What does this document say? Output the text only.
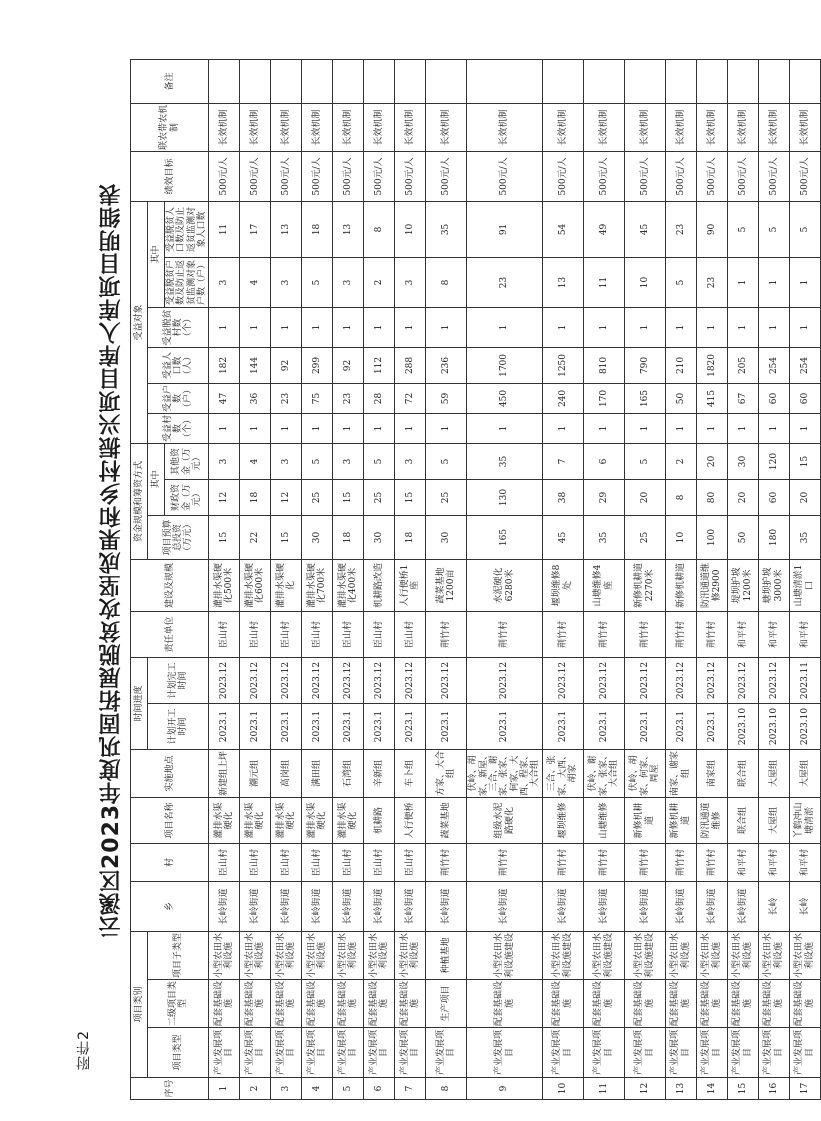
附件2
云溪区2023年度巩固拓展脱贫攻坚成果和乡村振兴项目库入库项目明细表
序号	项目类别			乡	村	项目名称	实施地点	时间进度		责任单位	建设及规模	资金规模和筹资方式			受益对象						绩效目标	联农带农机制	备注
	项目类型	二级项目类型	项目子类型					计划开工时间	计划完工时间			项目预算总投资（万元）	其中		受益村数（个）	受益户数（户）	受益人口数（人）	受益脱贫村数（个）	其中				
													财政资金（万元）	其他资金（万元）					受益脱贫户数及防止返贫监测对象户数（户）	受益脱贫人口数及防止返贫监测对象人口数			
1	产业发展项目	配套基础设施	小型农田水利设施	长岭街道	臣山村	灌排水渠硬化	新建组上坪	2023.1	2023.12	臣山村	灌排水渠硬化500米	15	12	3	1	47	182	1	3	11	500元/人	长效机制	
2	产业发展项目	配套基础设施	小型农田水利设施	长岭街道	臣山村	灌排水渠硬化	潮元组	2023.1	2023.12	臣山村	灌排水渠硬化600米	22	18	4	1	36	144	1	4	17	500元/人	长效机制	
3	产业发展项目	配套基础设施	小型农田水利设施	长岭街道	臣山村	灌排水渠硬化	高岗组	2023.1	2023.12	臣山村	灌排水渠硬化	15	12	3	1	23	92	1	3	13	500元/人	长效机制	
4	产业发展项目	配套基础设施	小型农田水利设施	长岭街道	臣山村	灌排水渠硬化	满田组	2023.1	2023.12	臣山村	灌排水渠硬化700米	30	25	5	1	75	299	1	5	18	500元/人	长效机制	
5	产业发展项目	配套基础设施	小型农田水利设施	长岭街道	臣山村	灌排水渠硬化	石湾组	2023.1	2023.12	臣山村	灌排水渠硬化400米	18	15	3	1	23	92	1	3	13	500元/人	长效机制	
6	产业发展项目	配套基础设施	小型农田水利设施	长岭街道	臣山村	机耕路	辛新组	2023.1	2023.12	臣山村	机耕路改造	30	25	5	1	28	112	1	2	8	500元/人	长效机制	
7	产业发展项目	配套基础设施	小型农田水利设施	长岭街道	臣山村	人行便桥	车卜组	2023.1	2023.12	臣山村	人行便桥1座	18	15	3	1	72	288	1	3	10	500元/人	长效机制	
8	产业发展项目	生产项目	种植基地	长岭街道	荆竹村	蔬菜基地	方家、大合组	2023.1	2023.12	荆竹村	蔬菜基地1200亩	30	25	5	1	59	236	1	8	35	500元/人	长效机制	
9	产业发展项目	配套基础设施	小型农田水利设施建设	长岭街道	荆竹村	组级水泥路硬化	伏岭、胡家、新屋、三合、谢家、张家、何家、大西、程家、大合组	2023.1	2023.12	荆竹村	水泥硬化6280米	165	130	35	1	450	1700	1	23	91	500元/人	长效机制	
10	产业发展项目	配套基础设施	小型农田水利设施建设	长岭街道	荆竹村	堰坝维修	三合、张家、大西、胡家	2023.1	2023.12	荆竹村	堰坝维修8处	45	38	7	1	240	1250	1	13	54	500元/人	长效机制	
11	产业发展项目	配套基础设施	小型农田水利设施建设	长岭街道	荆竹村	山塘维修	伏岭、谢家、张家、大合组	2023.1	2023.12	荆竹村	山塘维修4座	35	29	6	1	170	810	1	11	49	500元/人	长效机制	
12	产业发展项目	配套基础设施	小型农田水利设施建设	长岭街道	荆竹村	新修机耕道	伏岭、胡家、何家、周屋	2023.1	2023.12	荆竹村	新修机耕道2270米	25	20	5	1	165	790	1	10	45	500元/人	长效机制	
13	产业发展项目	配套基础设施	小型农田水利设施	长岭街道	荆竹村	新修机耕道	南家、谢家组	2023.1	2023.12	荆竹村	新修机耕道	10	8	2	1	50	210	1	5	23	500元/人	长效机制	
14	产业发展项目	配套基础设施	小型农田水利设施	长岭街道	荆竹村	防汛通道维修	南家组	2023.1	2023.12	荆竹村	防汛通道维修2900	100	80	20	1	415	1820	1	23	90	500元/人	长效机制	
15	产业发展项目	配套基础设施	小型农田水利设施	长岭街道	和平村	联合组	联合组	2023.10	2023.12	和平村	堤坝护坡1200米	50	20	30	1	67	205	1	1	5	500元/人	长效机制	
16	产业发展项目	配套基础设施	小型农田水利设施	长岭	和平村	大屋组	大屋组	2023.10	2023.12	和平村	塘坝护坡3000米	180	60	120	1	60	254	1	1	5	500元/人	长效机制	
17	产业发展项目	配套基础设施	小型农田水利设施	长岭	和平村	丫鹤冲山塘清淤	大屋组	2023.10	2023.11	和平村	山塘清淤1口	35	20	15	1	60	254	1	1	5	500元/人	长效机制	
